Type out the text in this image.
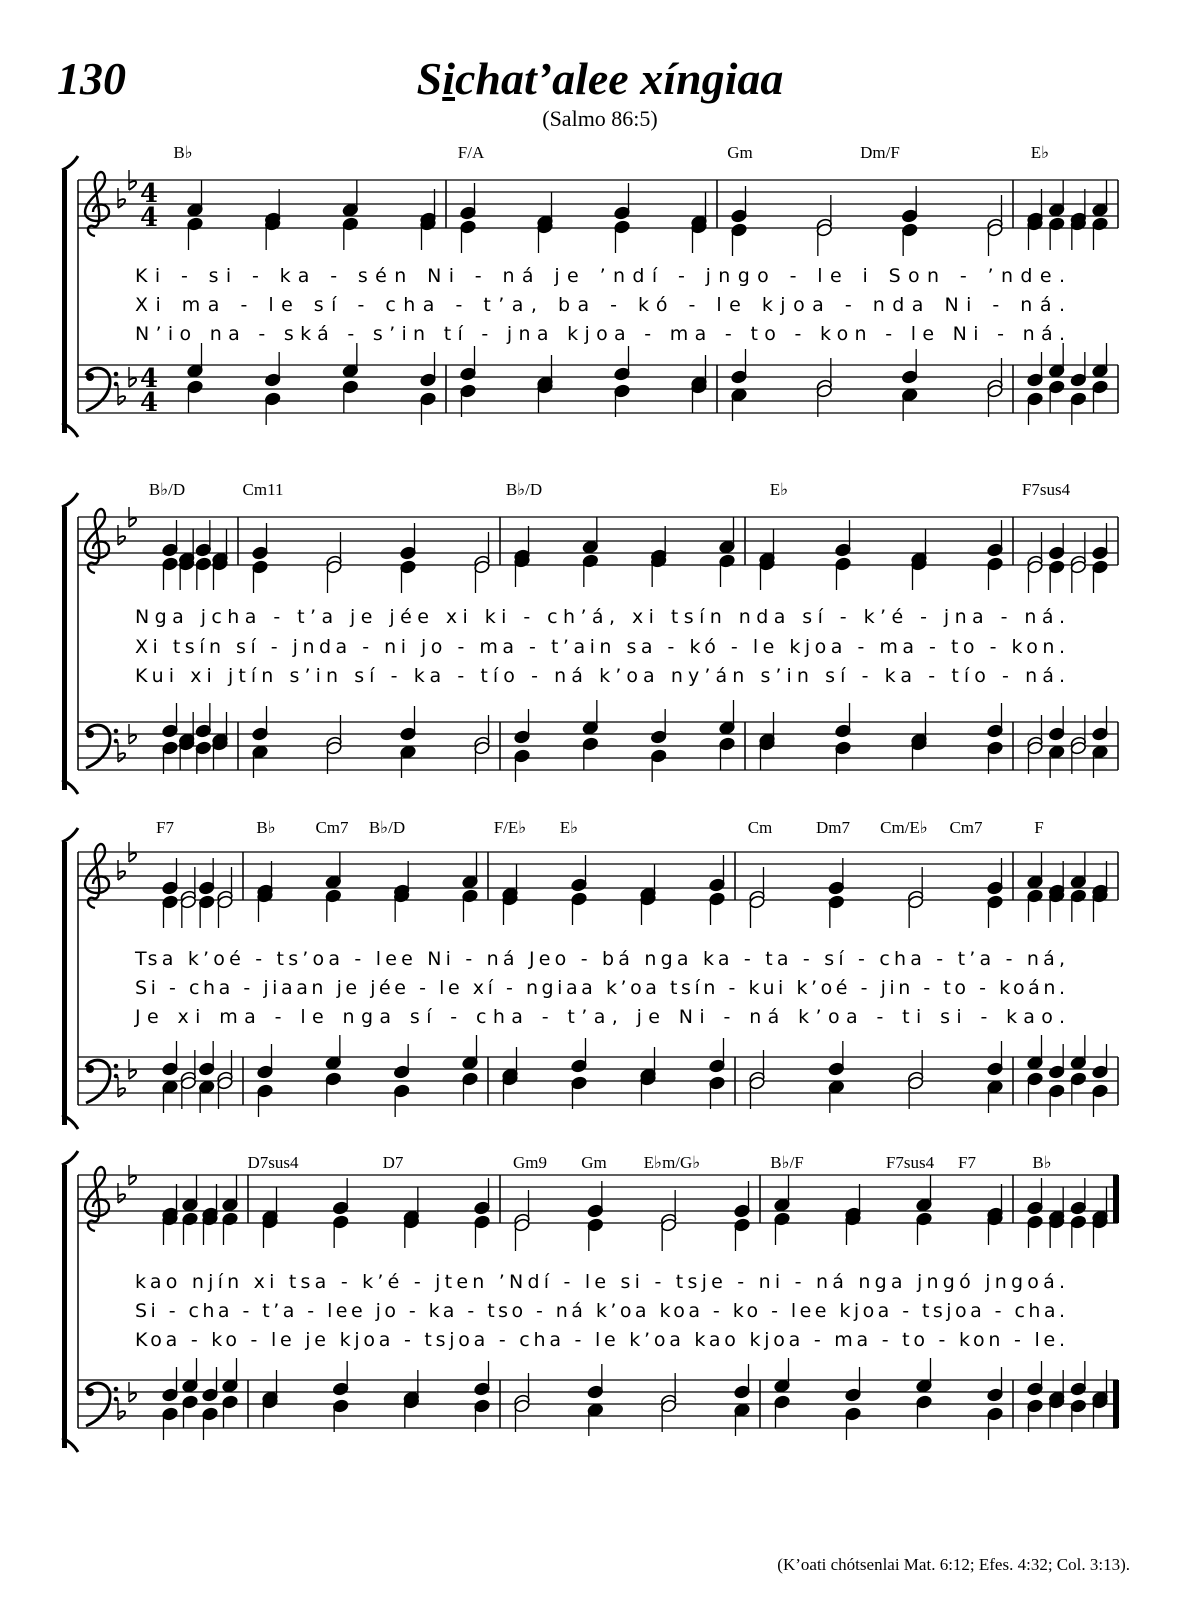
130	Sichat’alee xíngiaa
(Salmo 86:5)
(K’oati chótsenlai Mat. 6:12; Efes. 4:32; Col. 3:13).
4
4
4
4
B♭	F/A	Gm	Dm/F	E♭
Ki - si - ka - sén Ni - ná je ’ndí - jngo - le i Son - ’nde.
Xi ma - le sí - cha - t’a, ba - kó - le kjoa - nda Ni - ná.
N’io na - ská - s’in tí - jna kjoa - ma - to - kon - le Ni - ná.
B♭/D	Cm11	B♭/D	E♭	F7sus4
Nga jcha - t’a je jée xi ki - ch’á, xi tsín nda sí - k’é - jna - ná.
Xi tsín sí - jnda - ni jo - ma - t’ain sa - kó - le kjoa - ma - to - kon.
Kui xi jtín s’in sí - ka - tío - ná k’oa ny’án s’in sí - ka - tío - ná.
F7	B♭ Cm7 B♭/D	F/E♭ E♭	Cm	Dm7 Cm/E♭ Cm7	F
Tsa k’oé - ts’oa - lee Ni - ná Jeo - bá nga ka - ta - sí - cha - t’a - ná,
Si - cha - jiaan je jée - le xí - ngiaa k’oa tsín - kui k’oé - jin - to - koán.
Je xi ma - le nga sí - cha - t’a, je Ni - ná k’oa - ti si - kao.
D7sus4	D7	Gm9 Gm E♭m/G♭	B♭/F	F7sus4 F7	B♭
kao njín xi tsa - k’é - jten ’Ndí - le si - tsje - ni - ná nga jngó jngoá.
Si - cha - t’a - lee jo - ka - tso - ná k’oa koa - ko - lee kjoa - tsjoa - cha.
Koa - ko - le je kjoa - tsjoa - cha - le k’oa kao kjoa - ma - to - kon - le.
